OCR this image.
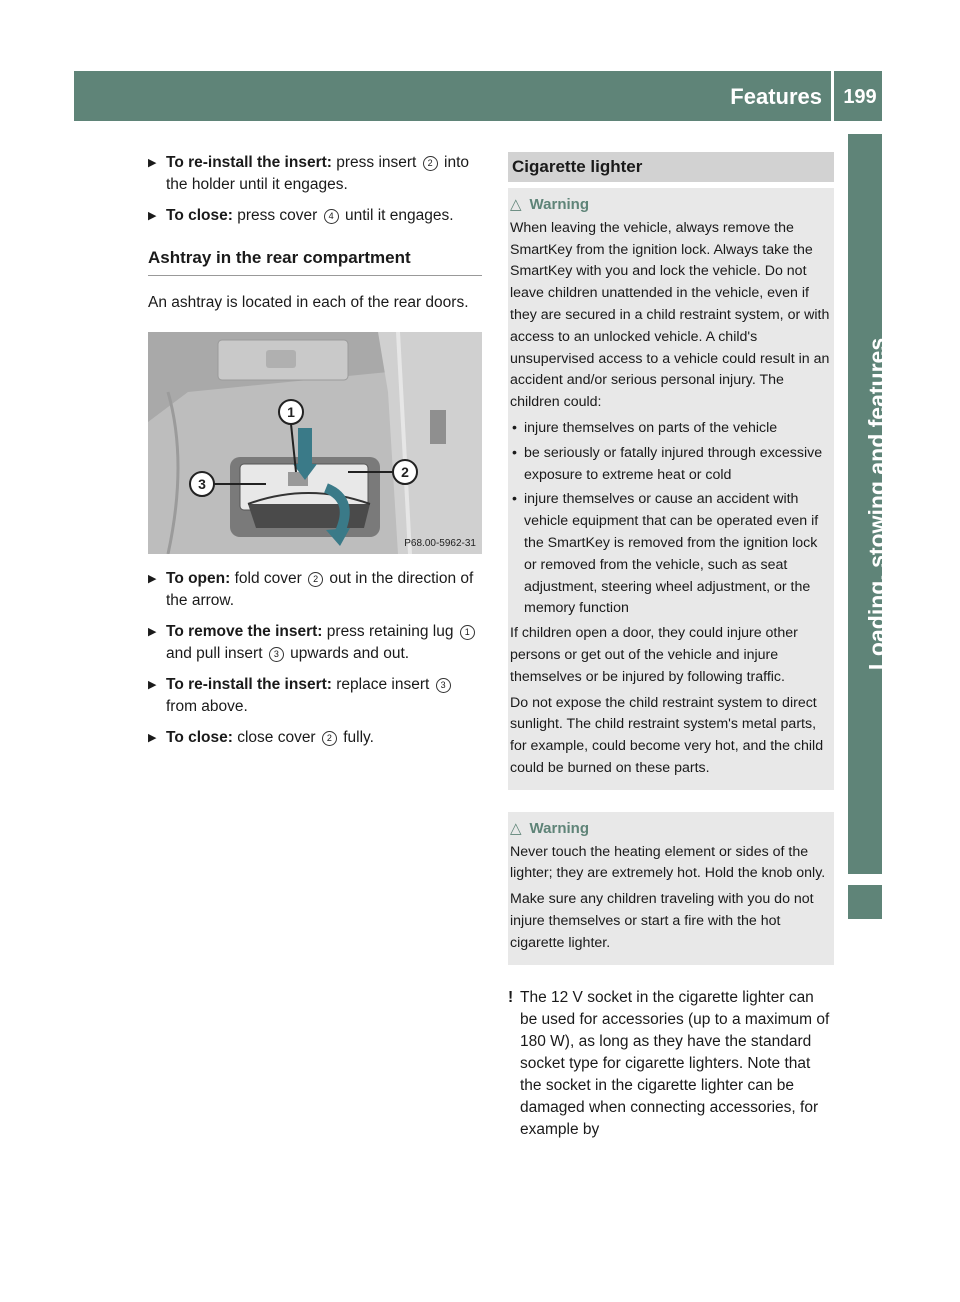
Features 199
Loading, stowing and features
▶ To re-install the insert: press insert 2 into the holder until it engages.
▶ To close: press cover 4 until it engages.
Ashtray in the rear compartment
An ashtray is located in each of the rear doors.
1
2
3
P68.00-5962-31
▶ To open: fold cover 2 out in the direction of the arrow.
▶ To remove the insert: press retaining lug 1 and pull insert 3 upwards and out.
▶ To re-install the insert: replace insert 3 from above.
▶ To close: close cover 2 fully.
Cigarette lighter
△ Warning

When leaving the vehicle, always remove the SmartKey from the ignition lock. Always take the SmartKey with you and lock the vehicle. Do not leave children unattended in the vehicle, even if they are secured in a child restraint system, or with access to an unlocked vehicle. A child's unsupervised access to a vehicle could result in an accident and/or serious personal injury. The children could:

• injure themselves on parts of the vehicle
• be seriously or fatally injured through excessive exposure to extreme heat or cold
• injure themselves or cause an accident with vehicle equipment that can be operated even if the SmartKey is removed from the ignition lock or removed from the vehicle, such as seat adjustment, steering wheel adjustment, or the memory function

If children open a door, they could injure other persons or get out of the vehicle and injure themselves or be injured by following traffic.

Do not expose the child restraint system to direct sunlight. The child restraint system's metal parts, for example, could become very hot, and the child could be burned on these parts.

△ Warning

Never touch the heating element or sides of the lighter; they are extremely hot. Hold the knob only.

Make sure any children traveling with you do not injure themselves or start a fire with the hot cigarette lighter.

! The 12 V socket in the cigarette lighter can be used for accessories (up to a maximum of 180 W), as long as they have the standard socket type for cigarette lighters. Note that the socket in the cigarette lighter can be damaged when connecting accessories, for example by
